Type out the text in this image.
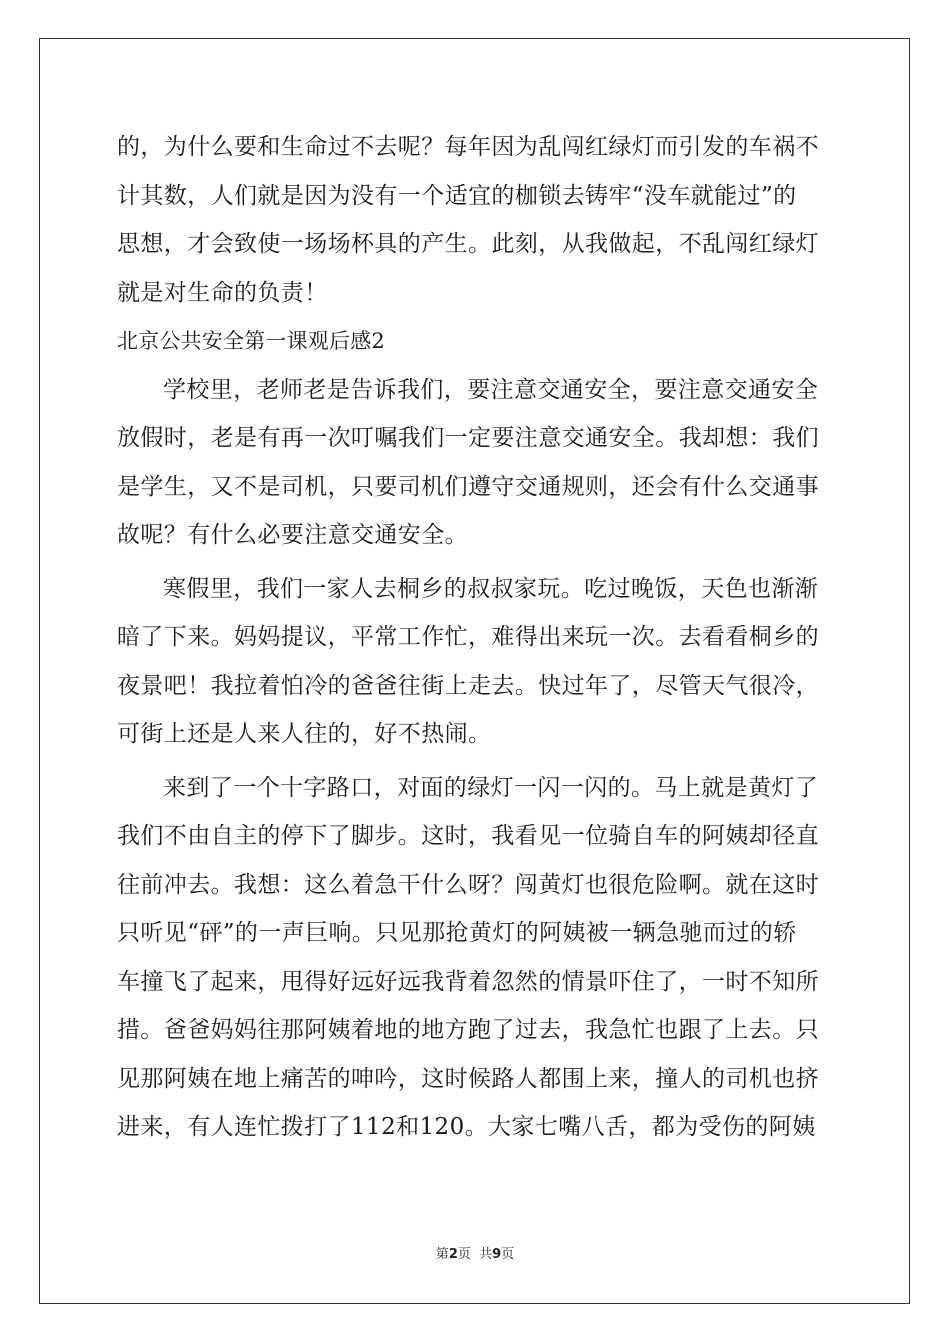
的，为什么要和生命过不去呢？每年因为乱闯红绿灯而引发的车祸不
计其数，人们就是因为没有一个适宜的枷锁去铸牢“没车就能过”的
思想，才会致使一场场杯具的产生。此刻，从我做起，不乱闯红绿灯
就是对生命的负责！
北京公共安全第一课观后感2
学校里，老师老是告诉我们，要注意交通安全，要注意交通安全
放假时，老是有再一次叮嘱我们一定要注意交通安全。我却想：我们
是学生，又不是司机，只要司机们遵守交通规则，还会有什么交通事
故呢？有什么必要注意交通安全。
寒假里，我们一家人去桐乡的叔叔家玩。吃过晚饭，天色也渐渐
暗了下来。妈妈提议，平常工作忙，难得出来玩一次。去看看桐乡的
夜景吧！我拉着怕冷的爸爸往街上走去。快过年了，尽管天气很冷，
可街上还是人来人往的，好不热闹。
来到了一个十字路口，对面的绿灯一闪一闪的。马上就是黄灯了
我们不由自主的停下了脚步。这时，我看见一位骑自车的阿姨却径直
往前冲去。我想：这么着急干什么呀？闯黄灯也很危险啊。就在这时
只听见“砰”的一声巨响。只见那抢黄灯的阿姨被一辆急驰而过的轿
车撞飞了起来，甩得好远好远我背着忽然的情景吓住了，一时不知所
措。爸爸妈妈往那阿姨着地的地方跑了过去，我急忙也跟了上去。只
见那阿姨在地上痛苦的呻吟，这时候路人都围上来，撞人的司机也挤
进来，有人连忙拨打了112和120。大家七嘴八舌，都为受伤的阿姨
第2页  共9页
